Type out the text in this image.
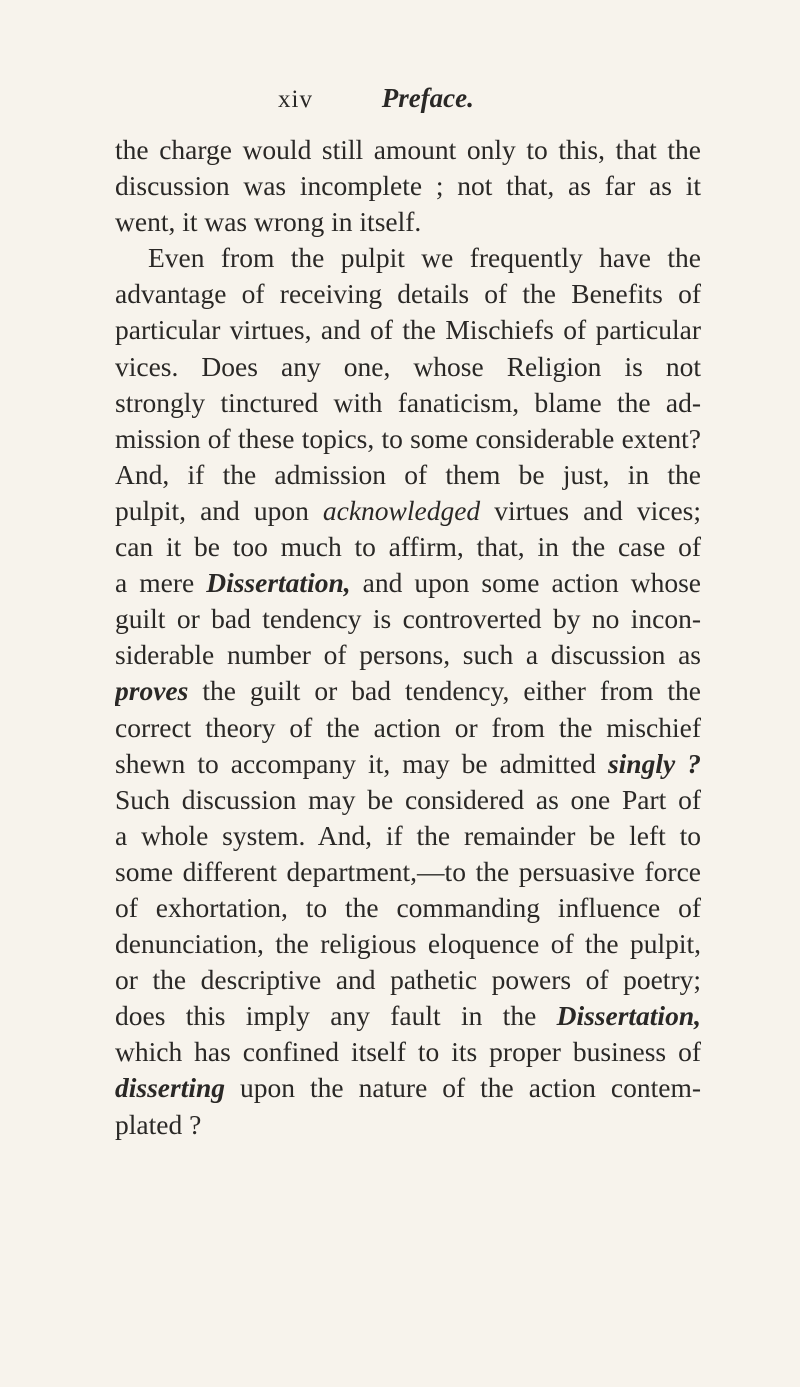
xiv	Preface.
the charge would still amount only to this, that the
discussion was incomplete ; not that, as far as it
went, it was wrong in itself.
Even from the pulpit we frequently have the
advantage of receiving details of the Benefits of
particular virtues, and of the Mischiefs of particular
vices. Does any one, whose Religion is not
strongly tinctured with fanaticism, blame the ad-
mission of these topics, to some considerable extent?
And, if the admission of them be just, in the
pulpit, and upon acknowledged virtues and vices;
can it be too much to affirm, that, in the case of
a mere Dissertation, and upon some action whose
guilt or bad tendency is controverted by no incon-
siderable number of persons, such a discussion as
proves the guilt or bad tendency, either from the
correct theory of the action or from the mischief
shewn to accompany it, may be admitted singly ?
Such discussion may be considered as one Part of
a whole system. And, if the remainder be left to
some different department,—to the persuasive force
of exhortation, to the commanding influence of
denunciation, the religious eloquence of the pulpit,
or the descriptive and pathetic powers of poetry;
does this imply any fault in the Dissertation,
which has confined itself to its proper business of
disserting upon the nature of the action contem-
plated ?
